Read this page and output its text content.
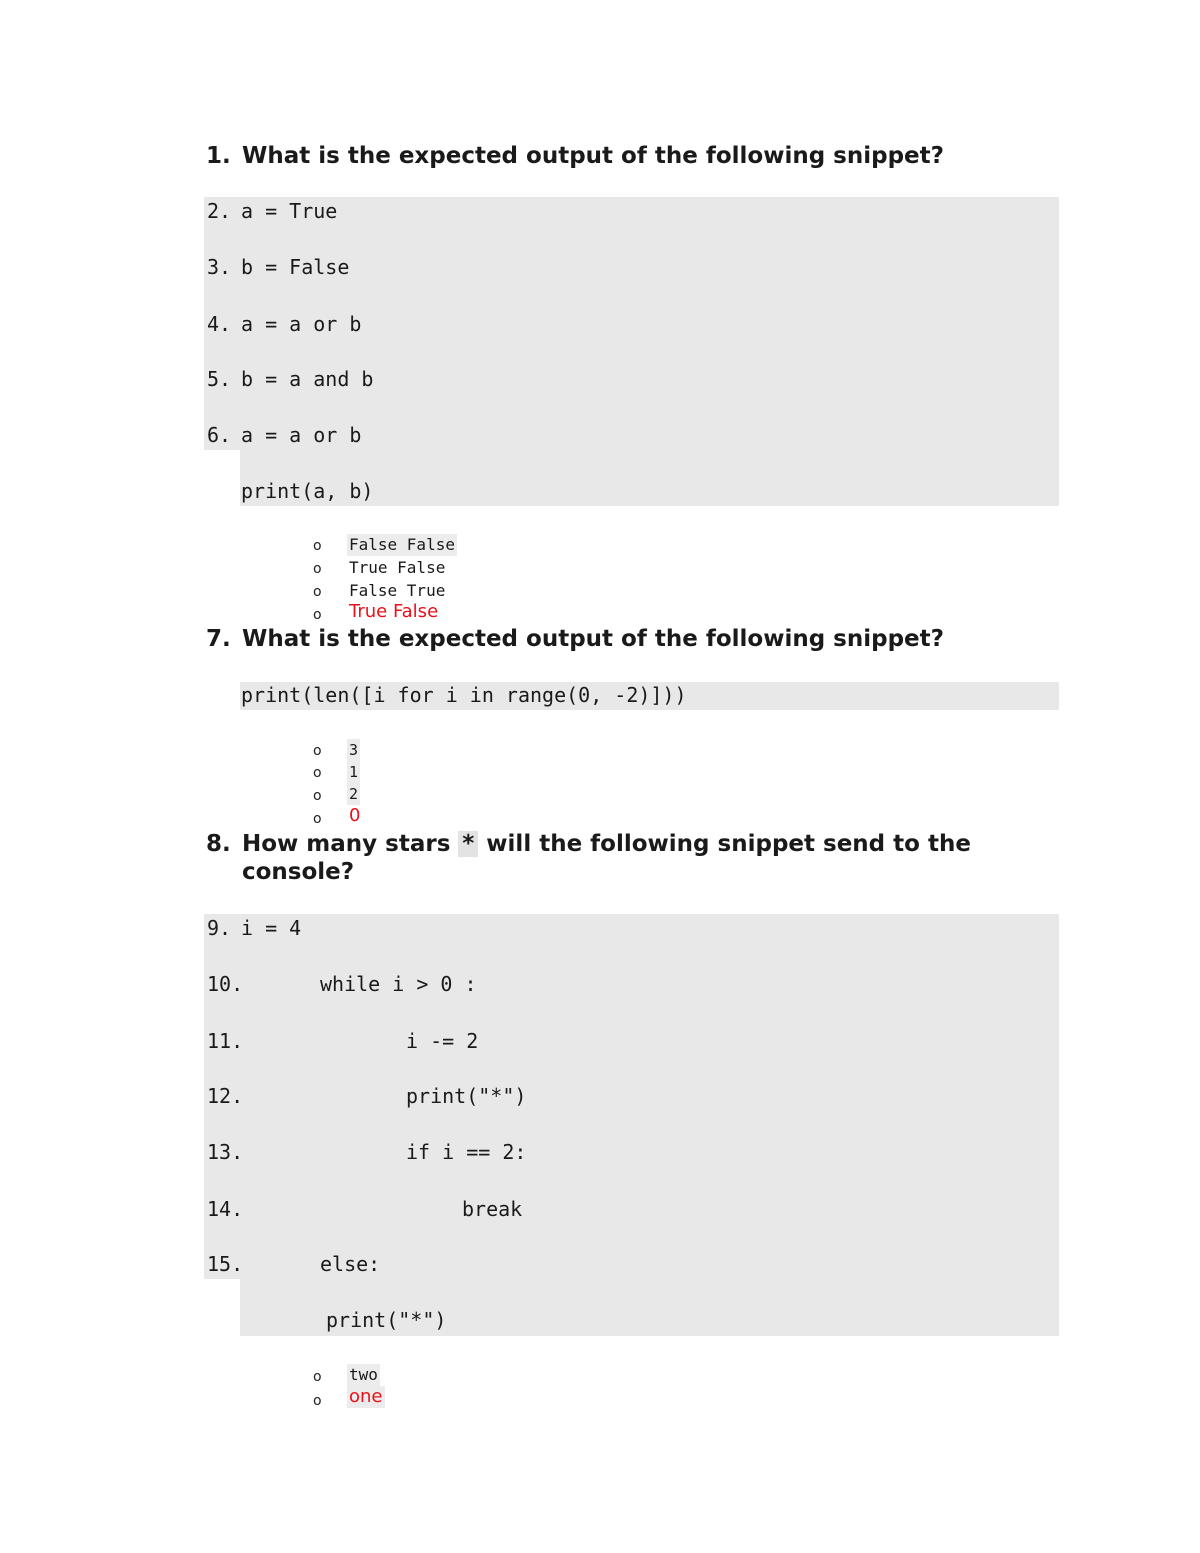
1. What is the expected output of the following snippet?
2. a = True
3. b = False
4. a = a or b
5. b = a and b
6. a = a or b
print(a, b)
o False False
o True False
o False True
o True False
7. What is the expected output of the following snippet?
print(len([i for i in range(0, -2)]))
o 3
o 1
o 2
o 0
8. How many stars * will the following snippet send to the console?
9. i = 4
10.	while i > 0 :
11.	i -= 2
12.	print("*")
13.	if i == 2:
14.	break
15.	else:
print("*")
o two
o one
